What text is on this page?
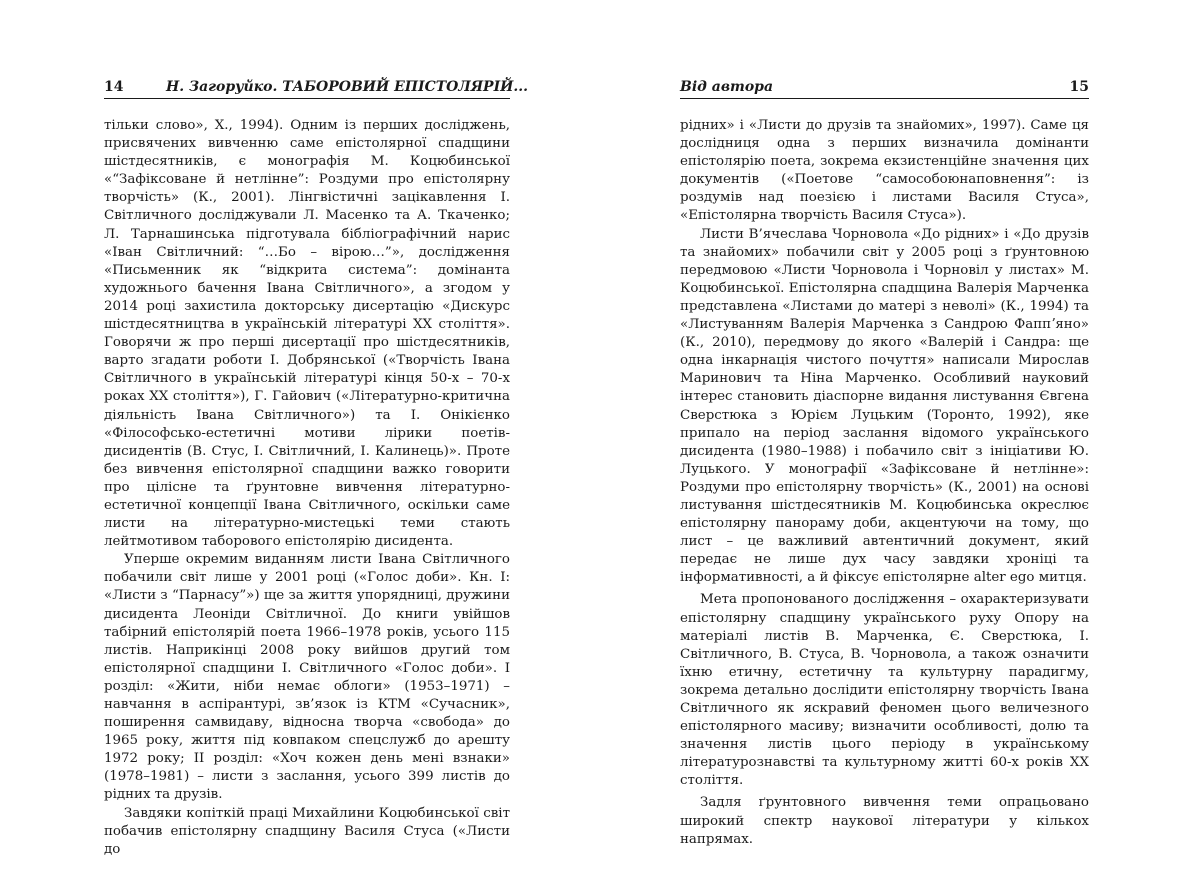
14	Н. Загоруйко. ТАБОРОВИЙ ЕПІСТОЛЯРІЙ...

тільки слово», Х., 1994). Одним із перших досліджень, присвячених вивченню саме епістолярної спадщини шістдесятників, є монографія М. Коцюбинської «“Зафіксоване й нетлінне”: Роздуми про епістолярну творчість» (К., 2001). Лінгвістичні зацікавлення І. Світличного досліджували Л. Масенко та А. Ткаченко; Л. Тарнашинська підготувала бібліографічний нарис «Іван Світличний: “…Бо – вірою…”», дослідження «Письменник як “відкрита система”: домінанта художнього бачення Івана Світличного», а згодом у 2014 році захистила докторську дисертацію «Дискурс шістдесятництва в українській літературі ХХ століття». Говорячи ж про перші дисертації про шістдесятників, варто згадати роботи І. Добрянської («Творчість Івана Світличного в українській літературі кінця 50-х – 70-х роках ХХ століття»), Г. Гайович («Літературно-критична діяльність Івана Світличного») та І. Онікієнко «Філософсько-естетичні мотиви лірики поетів-дисидентів (В. Стус, І. Світличний, І. Калинець)». Проте без вивчення епістолярної спадщини важко говорити про цілісне та ґрунтовне вивчення літературно-естетичної концепції Івана Світличного, оскільки саме листи на літературно-мистецькі теми стають лейтмотивом таборового епістолярію дисидента.

Уперше окремим виданням листи Івана Світличного побачили світ лише у 2001 році («Голос доби». Кн. І: «Листи з “Парнасу”») ще за життя упорядниці, дружини дисидента Леоніди Світличної. До книги увійшов табірний епістолярій поета 1966–1978 років, усього 115 листів. Наприкінці 2008 року вийшов другий том епістолярної спадщини І. Світличного «Голос доби». І розділ: «Жити, ніби немає облоги» (1953–1971) – навчання в аспірантурі, зв’язок із КТМ «Сучасник», поширення самвидаву, відносна творча «свобода» до 1965 року, життя під ковпаком спецслужб до арешту 1972 року; ІІ розділ: «Хоч кожен день мені взнаки» (1978–1981) – листи з заслання, усього 399 листів до рідних та друзів.

Завдяки копіткій праці Михайлини Коцюбинської світ побачив епістолярну спадщину Василя Стуса («Листи до

Від автора	15

рідних» і «Листи до друзів та знайомих», 1997). Саме ця дослідниця одна з перших визначила домінанти епістолярію поета, зокрема екзистенційне значення цих документів («Поетове “самособоюнаповнення”: із роздумів над поезією і листами Василя Стуса», «Епістолярна творчість Василя Стуса»).

Листи В’ячеслава Чорновола «До рідних» і «До друзів та знайомих» побачили світ у 2005 році з ґрунтовною передмовою «Листи Чорновола і Чорновіл у листах» М. Коцюбинської. Епістолярна спадщина Валерія Марченка представлена «Листами до матері з неволі» (К., 1994) та «Листуванням Валерія Марченка з Сандрою Фаппʼяно» (К., 2010), передмову до якого «Валерій і Сандра: ще одна інкарнація чистого почуття» написали Мирослав Маринович та Ніна Марченко. Особливий науковий інтерес становить діаспорне видання листування Євгена Сверстюка з Юрієм Луцьким (Торонто, 1992), яке припало на період заслання відомого українського дисидента (1980–1988) і побачило світ з ініціативи Ю. Луцького. У монографії «Зафіксоване й нетлінне»: Роздуми про епістолярну творчість» (К., 2001) на основі листування шістдесятників М. Коцюбинська окреслює епістолярну панораму доби, акцентуючи на тому, що лист – це важливий автентичний документ, який передає не лише дух часу завдяки хроніці та інформативності, а й фіксує епістолярне alter ego митця.

Мета пропонованого дослідження – охарактеризувати епістолярну спадщину українського руху Опору на матеріалі листів В. Марченка, Є. Сверстюка, І. Світличного, В. Стуса, В. Чорновола, а також означити їхню етичну, естетичну та культурну парадигму, зокрема детально дослідити епістолярну творчість Івана Світличного як яскравий феномен цього величезного епістолярного масиву; визначити особливості, долю та значення листів цього періоду в українському літературознавстві та культурному житті 60-х років ХХ століття.

Задля ґрунтовного вивчення теми опрацьовано широкий спектр наукової літератури у кількох напрямах.
